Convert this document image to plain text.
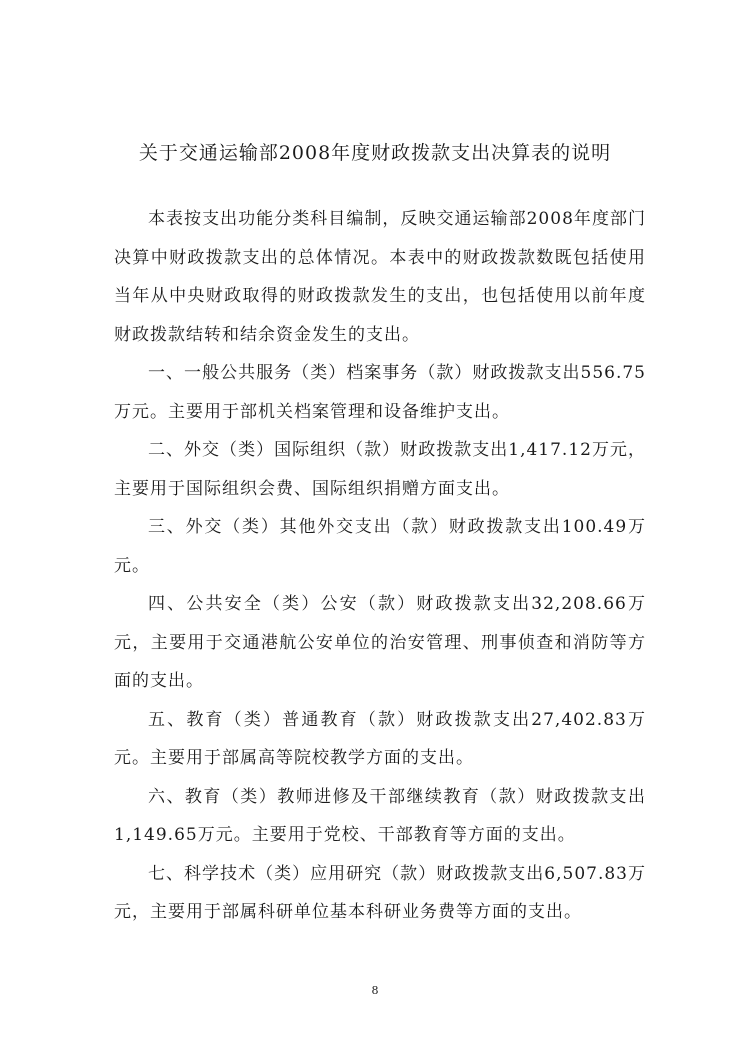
关于交通运输部2008年度财政拨款支出决算表的说明

本表按支出功能分类科目编制，反映交通运输部2008年度部门决算中财政拨款支出的总体情况。本表中的财政拨款数既包括使用当年从中央财政取得的财政拨款发生的支出，也包括使用以前年度财政拨款结转和结余资金发生的支出。

一、一般公共服务（类）档案事务（款）财政拨款支出556.75万元。主要用于部机关档案管理和设备维护支出。

二、外交（类）国际组织（款）财政拨款支出1,417.12万元，主要用于国际组织会费、国际组织捐赠方面支出。

三、外交（类）其他外交支出（款）财政拨款支出100.49万元。

四、公共安全（类）公安（款）财政拨款支出32,208.66万元，主要用于交通港航公安单位的治安管理、刑事侦查和消防等方面的支出。

五、教育（类）普通教育（款）财政拨款支出27,402.83万元。主要用于部属高等院校教学方面的支出。

六、教育（类）教师进修及干部继续教育（款）财政拨款支出1,149.65万元。主要用于党校、干部教育等方面的支出。

七、科学技术（类）应用研究（款）财政拨款支出6,507.83万元，主要用于部属科研单位基本科研业务费等方面的支出。

8
